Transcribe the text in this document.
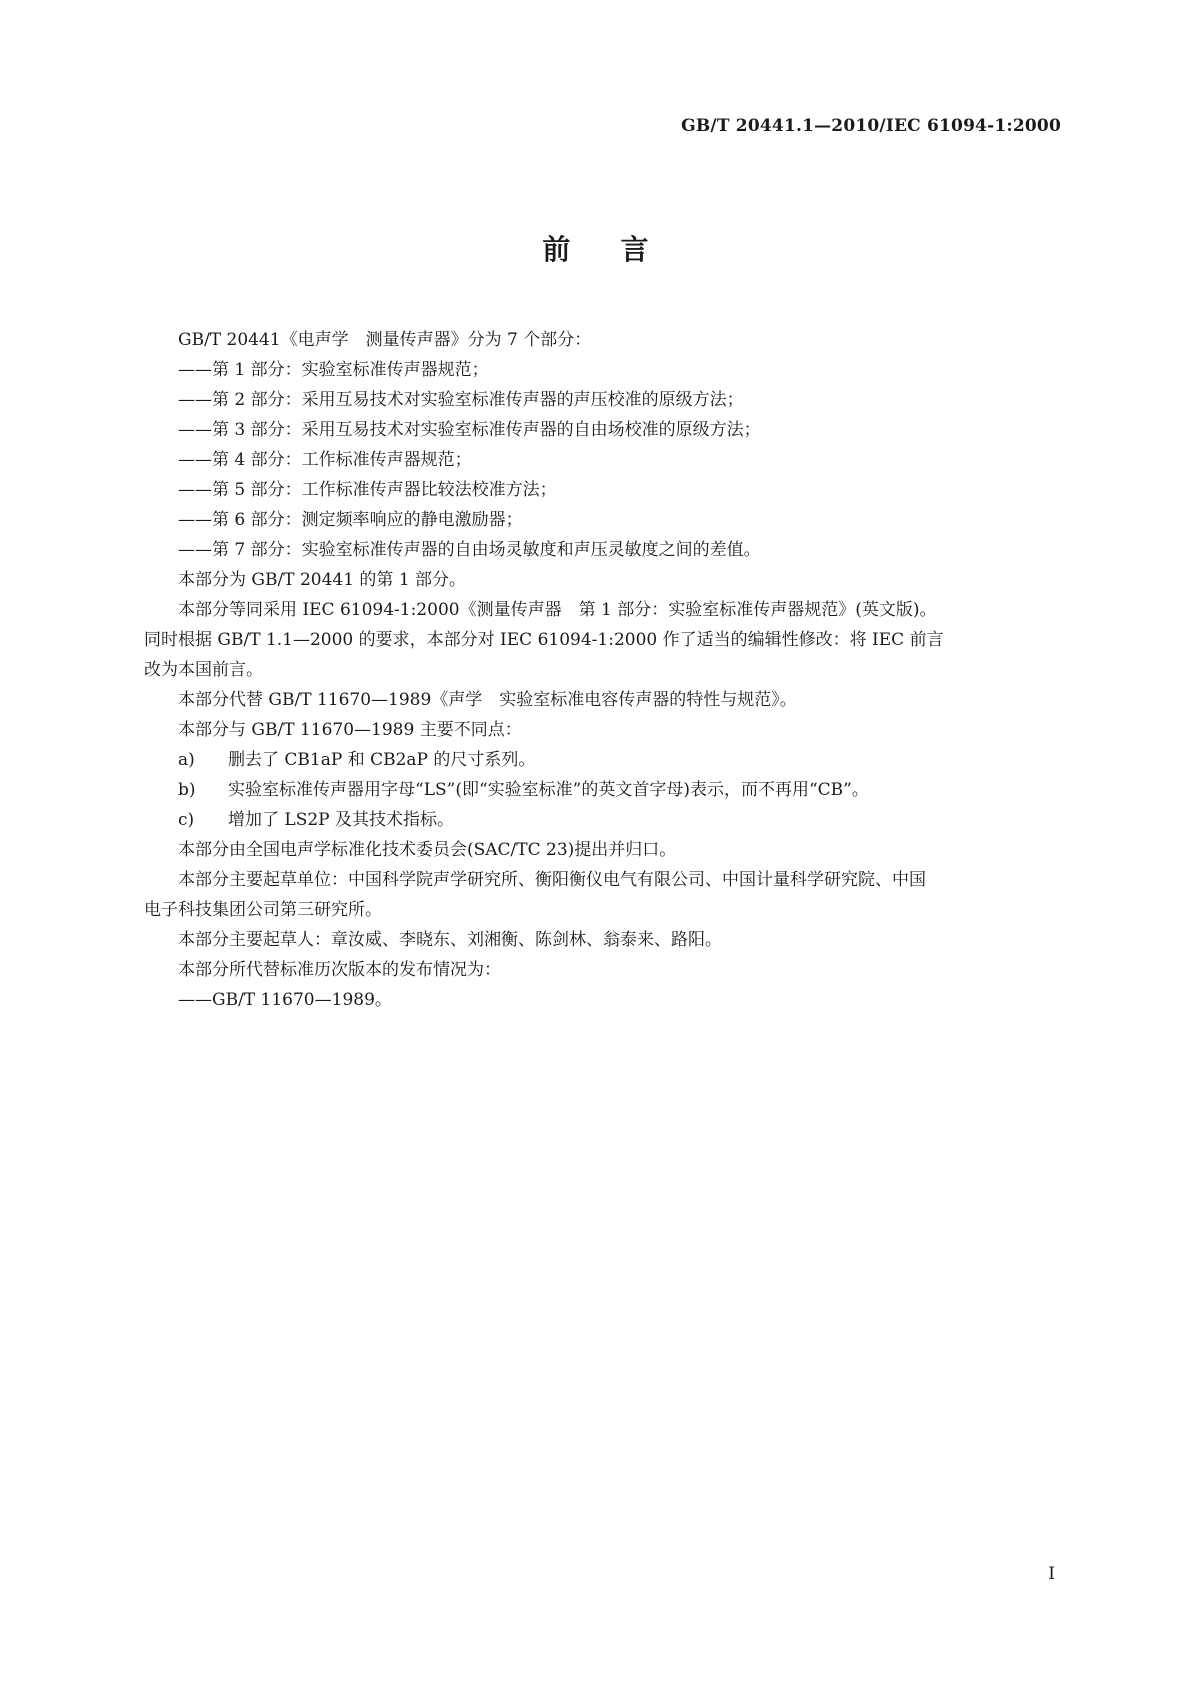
GB/T 20441.1—2010/IEC 61094-1:2000
前 言
GB/T 20441《电声学　测量传声器》分为 7 个部分：
——第 1 部分：实验室标准传声器规范；
——第 2 部分：采用互易技术对实验室标准传声器的声压校准的原级方法；
——第 3 部分：采用互易技术对实验室标准传声器的自由场校准的原级方法；
——第 4 部分：工作标准传声器规范；
——第 5 部分：工作标准传声器比较法校准方法；
——第 6 部分：测定频率响应的静电激励器；
——第 7 部分：实验室标准传声器的自由场灵敏度和声压灵敏度之间的差值。
本部分为 GB/T 20441 的第 1 部分。
本部分等同采用 IEC 61094-1:2000《测量传声器　第 1 部分：实验室标准传声器规范》(英文版)。
同时根据 GB/T 1.1—2000 的要求，本部分对 IEC 61094-1:2000 作了适当的编辑性修改：将 IEC 前言
改为本国前言。
本部分代替 GB/T 11670—1989《声学　实验室标准电容传声器的特性与规范》。
本部分与 GB/T 11670—1989 主要不同点：
a) 删去了 CB1aP 和 CB2aP 的尺寸系列。
b) 实验室标准传声器用字母“LS”(即“实验室标准”的英文首字母)表示，而不再用“CB”。
c) 增加了 LS2P 及其技术指标。
本部分由全国电声学标准化技术委员会(SAC/TC 23)提出并归口。
本部分主要起草单位：中国科学院声学研究所、衡阳衡仪电气有限公司、中国计量科学研究院、中国
电子科技集团公司第三研究所。
本部分主要起草人：章汝威、李晓东、刘湘衡、陈剑林、翁泰来、路阳。
本部分所代替标准历次版本的发布情况为：
——GB/T 11670—1989。
I
